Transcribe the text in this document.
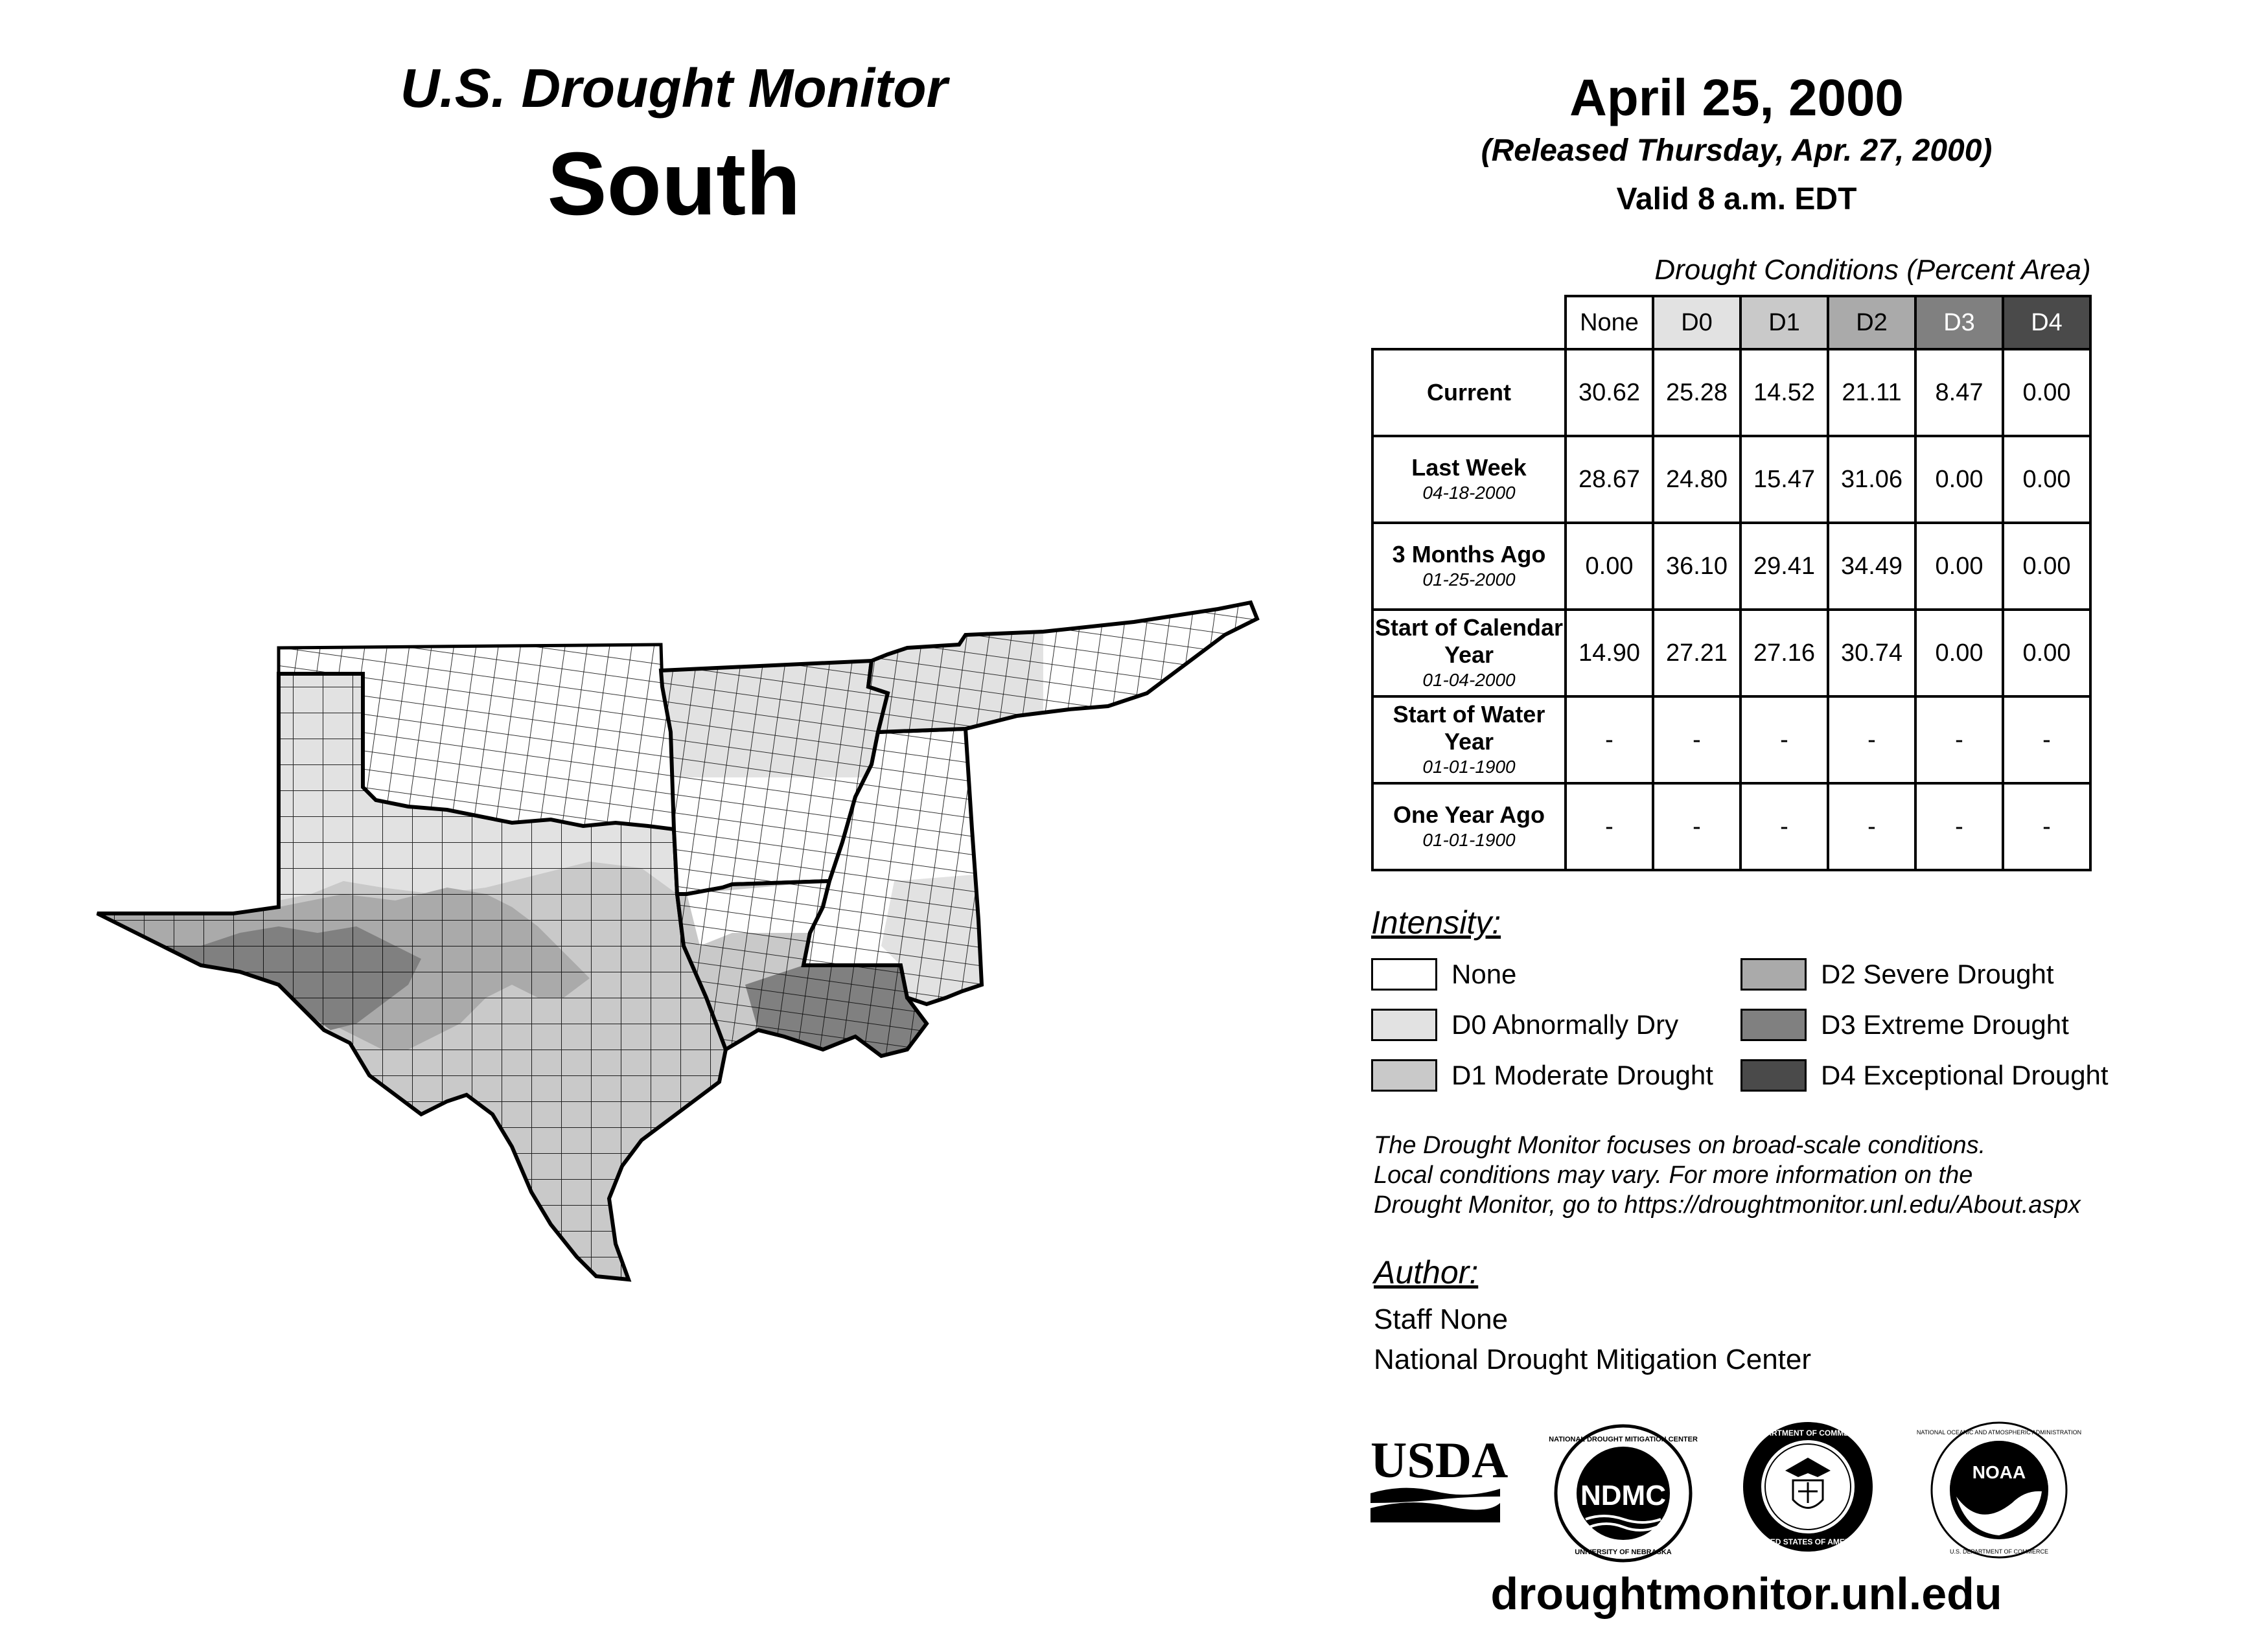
U.S. Drought Monitor
South
April 25, 2000
(Released Thursday, Apr. 27, 2000)
Valid 8 a.m. EDT
Drought Conditions (Percent Area)
	None	D0	D1	D2	D3	D4
Current	30.62	25.28	14.52	21.11	8.47	0.00
Last Week
04-18-2000	28.67	24.80	15.47	31.06	0.00	0.00
3 Months Ago
01-25-2000	0.00	36.10	29.41	34.49	0.00	0.00
Start of Calendar Year
01-04-2000	14.90	27.21	27.16	30.74	0.00	0.00
Start of Water Year
01-01-1900	-	-	-	-	-	-
One Year Ago
01-01-1900	-	-	-	-	-	-
Intensity:
None
D0 Abnormally Dry
D1 Moderate Drought
D2 Severe Drought
D3 Extreme Drought
D4 Exceptional Drought
The Drought Monitor focuses on broad-scale conditions.
Local conditions may vary. For more information on the
Drought Monitor, go to https://droughtmonitor.unl.edu/About.aspx
Author:
Staff None
National Drought Mitigation Center
USDA
NDMC
NATIONAL DROUGHT MITIGATION CENTER
UNIVERSITY OF NEBRASKA
DEPARTMENT OF COMMERCE
UNITED STATES OF AMERICA
NOAA
NATIONAL OCEANIC AND ATMOSPHERIC ADMINISTRATION
U.S. DEPARTMENT OF COMMERCE
droughtmonitor.unl.edu
